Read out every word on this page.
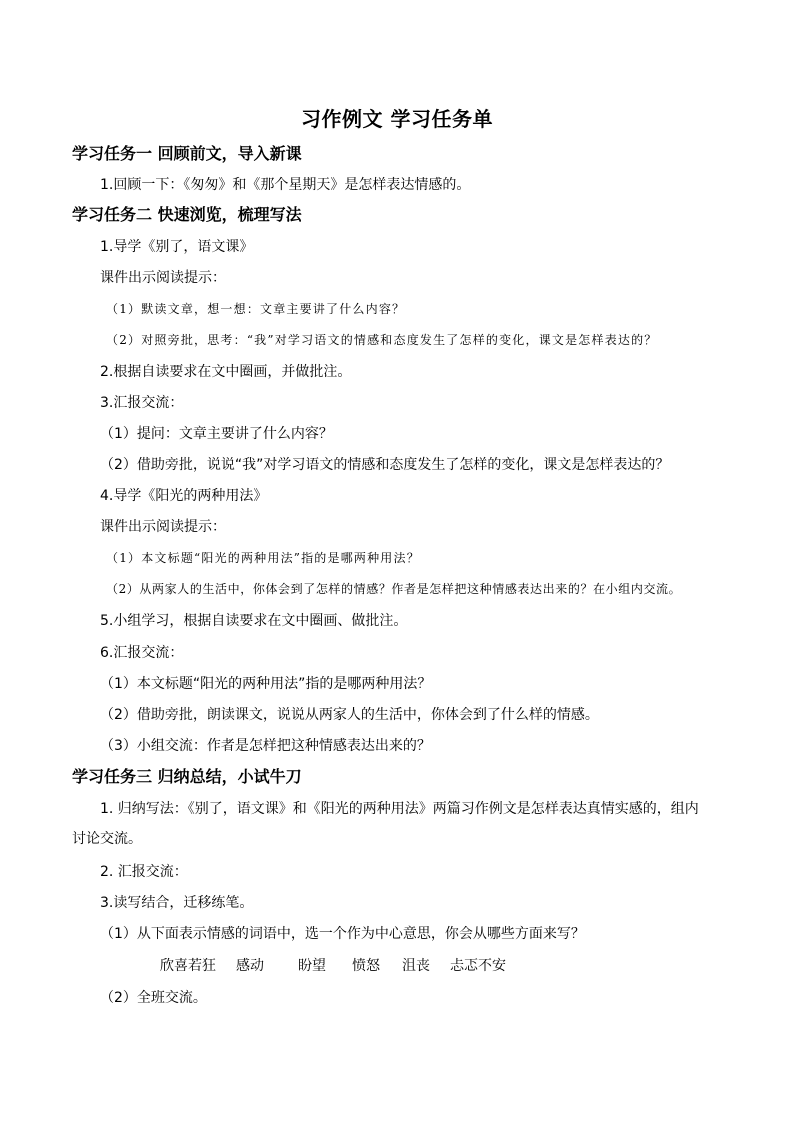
习作例文 学习任务单
学习任务一 回顾前文，导入新课
1.回顾一下：《匆匆》和《那个星期天》是怎样表达情感的。
学习任务二 快速浏览，梳理写法
1.导学《别了，语文课》
课件出示阅读提示：
（1）默读文章，想一想：文章主要讲了什么内容？
（2）对照旁批，思考：“我”对学习语文的情感和态度发生了怎样的变化，课文是怎样表达的？
2.根据自读要求在文中圈画，并做批注。
3.汇报交流：
（1）提问：文章主要讲了什么内容？
（2）借助旁批，说说“我”对学习语文的情感和态度发生了怎样的变化，课文是怎样表达的？
4.导学《阳光的两种用法》
课件出示阅读提示：
（1）本文标题“阳光的两种用法”指的是哪两种用法？
（2）从两家人的生活中，你体会到了怎样的情感？作者是怎样把这种情感表达出来的？在小组内交流。
5.小组学习，根据自读要求在文中圈画、做批注。
6.汇报交流：
（1）本文标题“阳光的两种用法”指的是哪两种用法？
（2）借助旁批，朗读课文，说说从两家人的生活中，你体会到了什么样的情感。
（3）小组交流：作者是怎样把这种情感表达出来的？
学习任务三 归纳总结，小试牛刀
1. 归纳写法：《别了，语文课》和《阳光的两种用法》两篇习作例文是怎样表达真情实感的，组内
讨论交流。
2. 汇报交流：
3.读写结合，迁移练笔。
（1）从下面表示情感的词语中，选一个作为中心意思，你会从哪些方面来写？
欣喜若狂 感动 盼望 愤怒 沮丧 忐忑不安
（2）全班交流。
